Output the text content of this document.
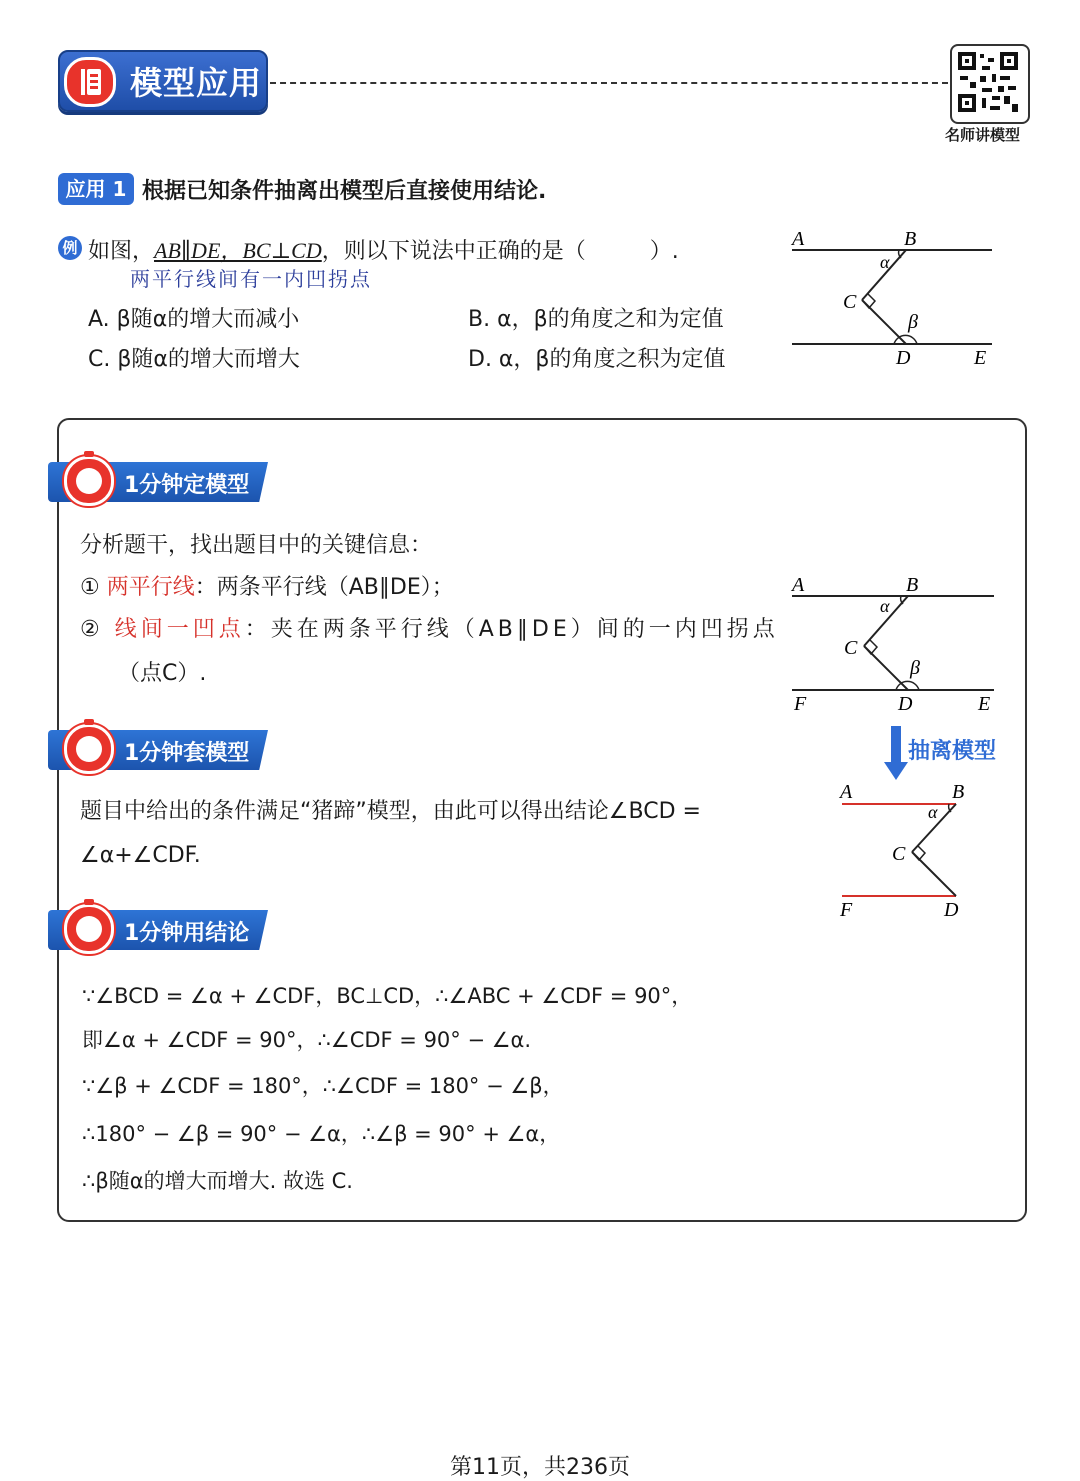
模型应用
名师讲模型
应用 1 根据已知条件抽离出模型后直接使用结论.
例 如图，AB∥DE，BC⊥CD，则以下说法中正确的是（	）.
两平行线间有一内凹拐点
A. β随α的增大而减小	B. α，β的角度之和为定值
C. β随α的增大而增大	D. α，β的角度之积为定值
A	B
α
C
β
D	E
1分钟定模型
分析题干，找出题目中的关键信息：
① 两平行线：两条平行线（AB∥DE）；
② 线间一凹点：夹在两条平行线（AB∥DE）间的一内凹拐点
（点C）.
A	B
α
C
β
F	D	E
抽离模型
A	B
α
C
F	D
1分钟套模型
题目中给出的条件满足“猪蹄”模型，由此可以得出结论∠BCD =
∠α+∠CDF.
1分钟用结论
∵∠BCD = ∠α + ∠CDF，BC⊥CD，∴∠ABC + ∠CDF = 90°，
即∠α + ∠CDF = 90°，∴∠CDF = 90° − ∠α.
∵∠β + ∠CDF = 180°，∴∠CDF = 180° − ∠β，
∴180° − ∠β = 90° − ∠α，∴∠β = 90° + ∠α，
∴β随α的增大而增大. 故选 C.
第11页，共236页
